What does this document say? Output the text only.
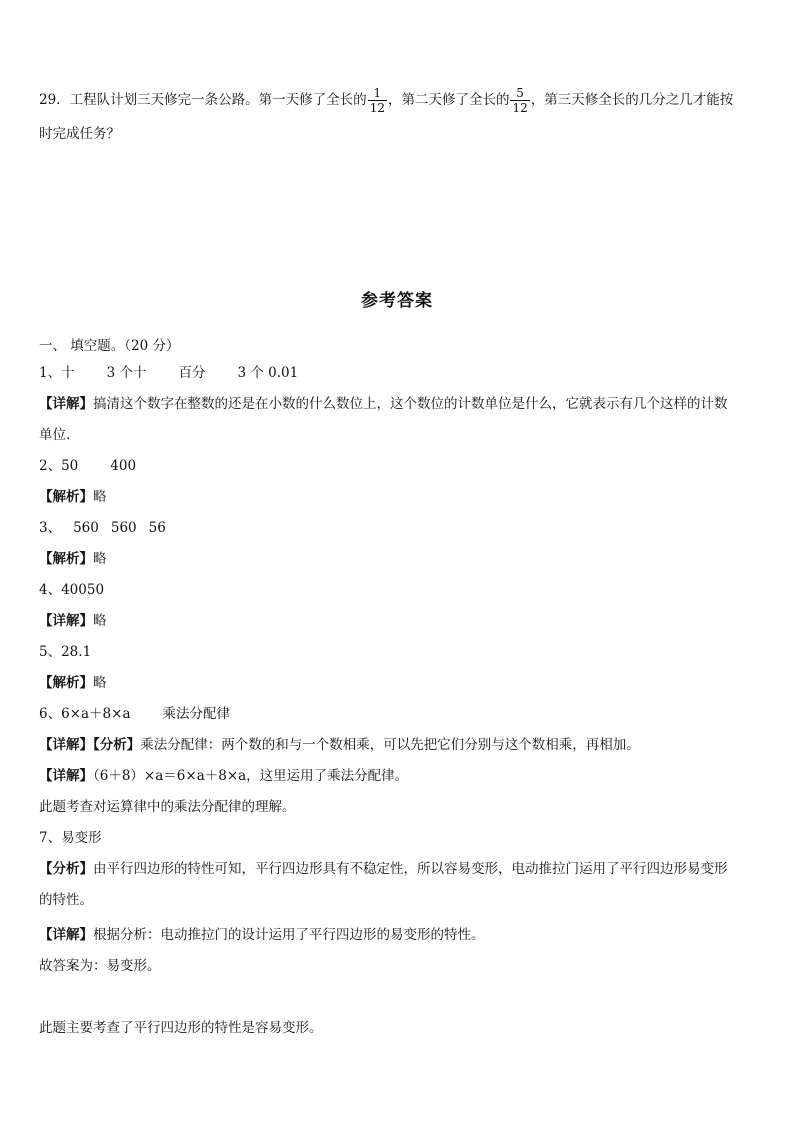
29．工程队计划三天修完一条公路。第一天修了全长的 $\frac{1}{12}$ ，第二天修了全长的 $\frac{5}{12}$ ，第三天修全长的几分之几才能按
时完成任务？
参考答案
一、 填空题。（20 分）
1、十 3 个十 百分 3 个 0.01
【详解】搞清这个数字在整数的还是在小数的什么数位上，这个数位的计数单位是什么，它就表示有几个这样的计数
单位.
2、50 400
【解析】略
3、 560 560 56
【解析】略
4、40050
【详解】略
5、28.1
【解析】略
6、6×a＋8×a 乘法分配律
【详解】【分析】乘法分配律：两个数的和与一个数相乘，可以先把它们分别与这个数相乘，再相加。
【详解】（6＋8）×a＝6×a＋8×a，这里运用了乘法分配律。
此题考查对运算律中的乘法分配律的理解。
7、易变形
【分析】由平行四边形的特性可知，平行四边形具有不稳定性，所以容易变形，电动推拉门运用了平行四边形易变形
的特性。
【详解】根据分析：电动推拉门的设计运用了平行四边形的易变形的特性。
故答案为：易变形。
此题主要考查了平行四边形的特性是容易变形。
